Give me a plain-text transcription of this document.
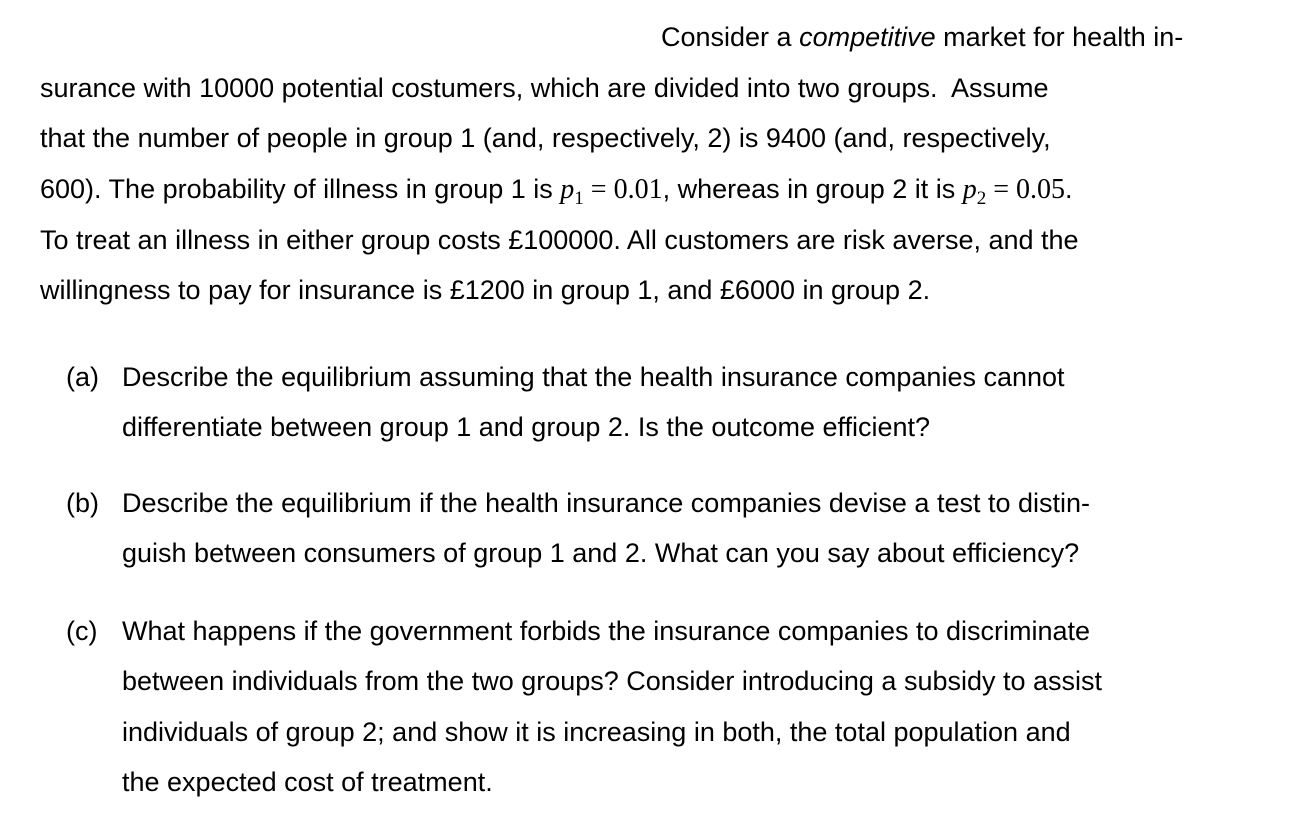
Consider a competitive market for health in-
surance with 10000 potential costumers, which are divided into two groups.  Assume
that the number of people in group 1 (and, respectively, 2) is 9400 (and, respectively,
600). The probability of illness in group 1 is $p_1 = 0.01$, whereas in group 2 it is $p_2 = 0.05$.
To treat an illness in either group costs £100000. All customers are risk averse, and the
willingness to pay for insurance is £1200 in group 1, and £6000 in group 2.
(a) Describe the equilibrium assuming that the health insurance companies cannot
differentiate between group 1 and group 2. Is the outcome efficient?
(b) Describe the equilibrium if the health insurance companies devise a test to distin-
guish between consumers of group 1 and 2. What can you say about efficiency?
(c) What happens if the government forbids the insurance companies to discriminate
between individuals from the two groups? Consider introducing a subsidy to assist
individuals of group 2; and show it is increasing in both, the total population and
the expected cost of treatment.
